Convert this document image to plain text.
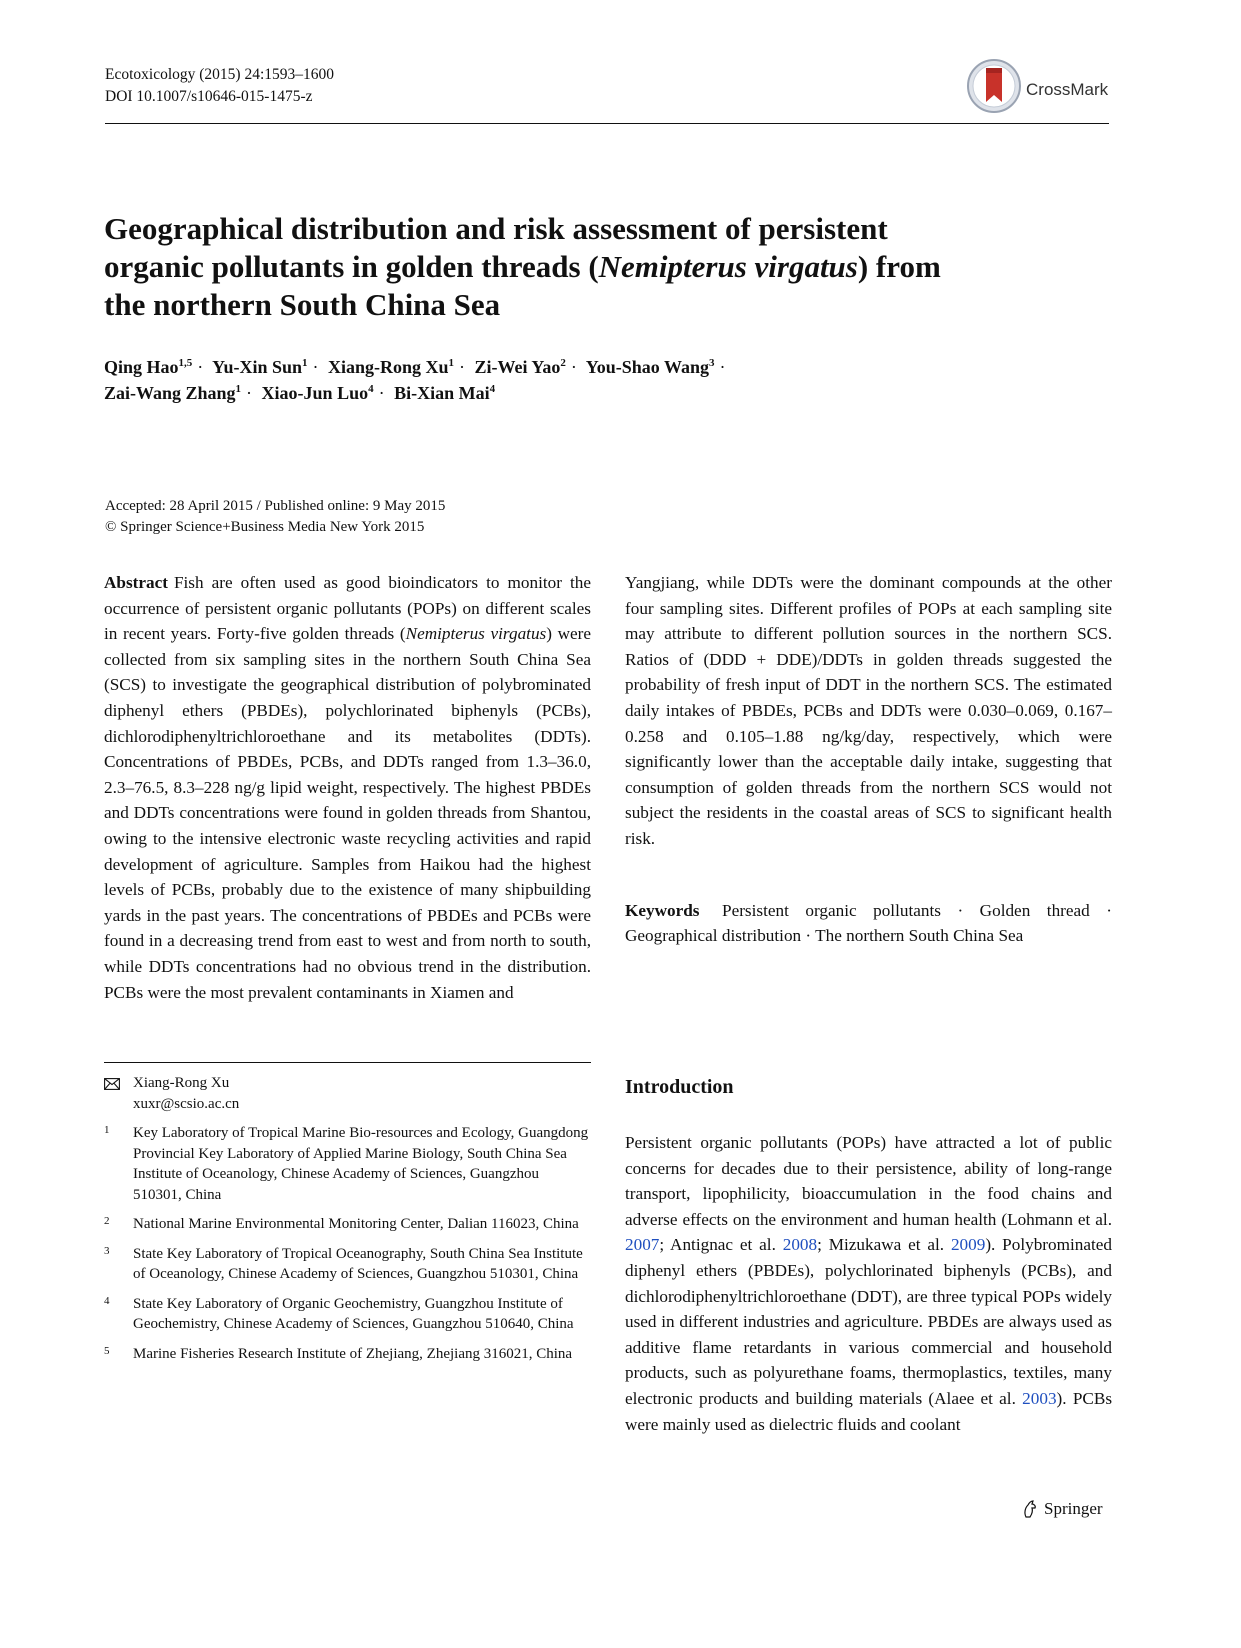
Ecotoxicology (2015) 24:1593–1600
DOI 10.1007/s10646-015-1475-z	CrossMark
Geographical distribution and risk assessment of persistent organic pollutants in golden threads (Nemipterus virgatus) from the northern South China Sea
Qing Hao$^{1,5}$ · Yu-Xin Sun$^1$ · Xiang-Rong $Xu^1 \cdot Zi-Wei$ Yao$^2$ · You-Shao Wang$^3$ ·
Zai-Wang Zhang$^1$ · Xiao-Jun Luo$^4$ · Bi-Xian Mai$^4$
Accepted: 28 April 2015 / Published online: 9 May 2015
© Springer Science+Business Media New York 2015

Abstract Fish are often used as good bioindicators to monitor the occurrence of persistent organic pollutants (POPs) on different scales in recent years. Forty-five golden threads (Nemipterus virgatus) were collected from six sampling sites in the northern South China Sea (SCS) to investigate the geographical distribution of polybrominated diphenyl ethers (PBDEs), polychlorinated biphenyls (PCBs), dichlorodiphenyltrichloroethane and its metabolites (DDTs). Concentrations of PBDEs, PCBs, and DDTs ranged from 1.3–36.0, 2.3–76.5, 8.3–228 ng/g lipid weight, respectively. The highest PBDEs and DDTs concentrations were found in golden threads from Shantou, owing to the intensive electronic waste recycling activities and rapid development of agriculture. Samples from Haikou had the highest levels of PCBs, probably due to the existence of many shipbuilding yards in the past years. The concentrations of PBDEs and PCBs were found in a decreasing trend from east to west and from north to south, while DDTs concentrations had no obvious trend in the distribution. PCBs were the most prevalent contaminants in Xiamen and

Xiang-Rong Xu
xuxr@scsio.ac.cn
1 Key Laboratory of Tropical Marine Bio-resources and Ecology, Guangdong Provincial Key Laboratory of Applied Marine Biology, South China Sea Institute of Oceanology, Chinese Academy of Sciences, Guangzhou 510301, China
2 National Marine Environmental Monitoring Center, Dalian 116023, China
3 State Key Laboratory of Tropical Oceanography, South China Sea Institute of Oceanology, Chinese Academy of Sciences, Guangzhou 510301, China
4 State Key Laboratory of Organic Geochemistry, Guangzhou Institute of Geochemistry, Chinese Academy of Sciences, Guangzhou 510640, China
5 Marine Fisheries Research Institute of Zhejiang, Zhejiang 316021, China

Yangjiang, while DDTs were the dominant compounds at the other four sampling sites. Different profiles of POPs at each sampling site may attribute to different pollution sources in the northern SCS. Ratios of (DDD + DDE)/DDTs in golden threads suggested the probability of fresh input of DDT in the northern SCS. The estimated daily intakes of PBDEs, PCBs and DDTs were 0.030–0.069, 0.167–0.258 and 0.105–1.88 ng/kg/day, respectively, which were significantly lower than the acceptable daily intake, suggesting that consumption of golden threads from the northern SCS would not subject the residents in the coastal areas of SCS to significant health risk.

Keywords Persistent organic pollutants · Golden thread · Geographical distribution · The northern South China Sea

Introduction

Persistent organic pollutants (POPs) have attracted a lot of public concerns for decades due to their persistence, ability of long-range transport, lipophilicity, bioaccumulation in the food chains and adverse effects on the environment and human health (Lohmann et al. 2007; Antignac et al. 2008; Mizukawa et al. 2009). Polybrominated diphenyl ethers (PBDEs), polychlorinated biphenyls (PCBs), and dichlorodiphenyltrichloroethane (DDT), are three typical POPs widely used in different industries and agriculture. PBDEs are always used as additive flame retardants in various commercial and household products, such as polyurethane foams, thermoplastics, textiles, many electronic products and building materials (Alaee et al. 2003). PCBs were mainly used as dielectric fluids and coolant

Springer
